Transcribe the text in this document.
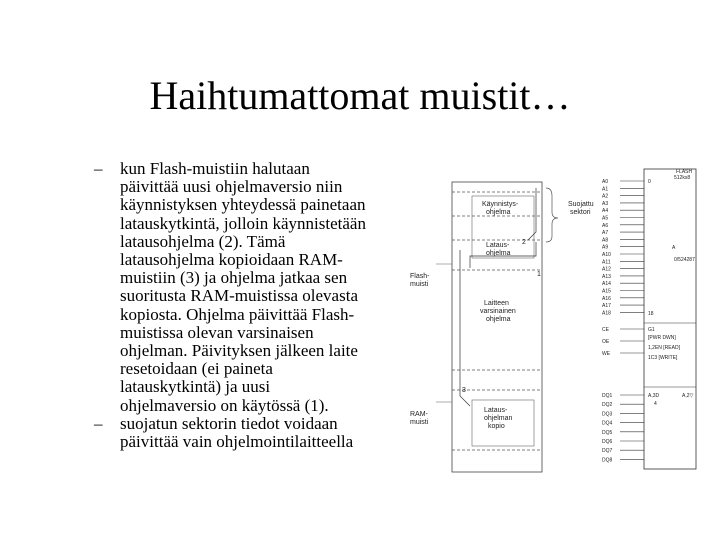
Haihtumattomat muistit…
– kun Flash-muistiin halutaan
päivittää uusi ohjelmaversio niin
käynnistyksen yhteydessä painetaan
latauskytkintä, jolloin käynnistetään
latausohjelma (2). Tämä
latausohjelma kopioidaan RAM-
muistiin (3) ja ohjelma jatkaa sen
suoritusta RAM-muistissa olevasta
kopiosta. Ohjelma päivittää Flash-
muistissa olevan varsinaisen
ohjelman. Päivityksen jälkeen laite
resetoidaan (ei paineta
latauskytkintä) ja uusi
ohjelmaversio on käytössä (1).
– suojatun sektorin tiedot voidaan
päivittää vain ohjelmointilaitteella
Käynnistys-
ohjelma
Lataus-
ohjelma
Laitteen
varsinainen
ohjelma
Lataus-
ohjelman
kopio
Flash-
muisti
RAM-
muisti
Suojattu
sektori
1
2
3
FLASH
512kx8
0
A
0/524287
18
G1
[PWR DWN]
1,2EN [READ]
1C3 [WRITE]
A,3D	A,2▽
4
A0
A1
A2
A3
A4
A5
A6
A7
A8
A9
A10
A11
A12
A13
A14
A15
A16
A17
A18
CE
OE
WE
DQ1
DQ2
DQ3
DQ4
DQ5
DQ6
DQ7
DQ8
